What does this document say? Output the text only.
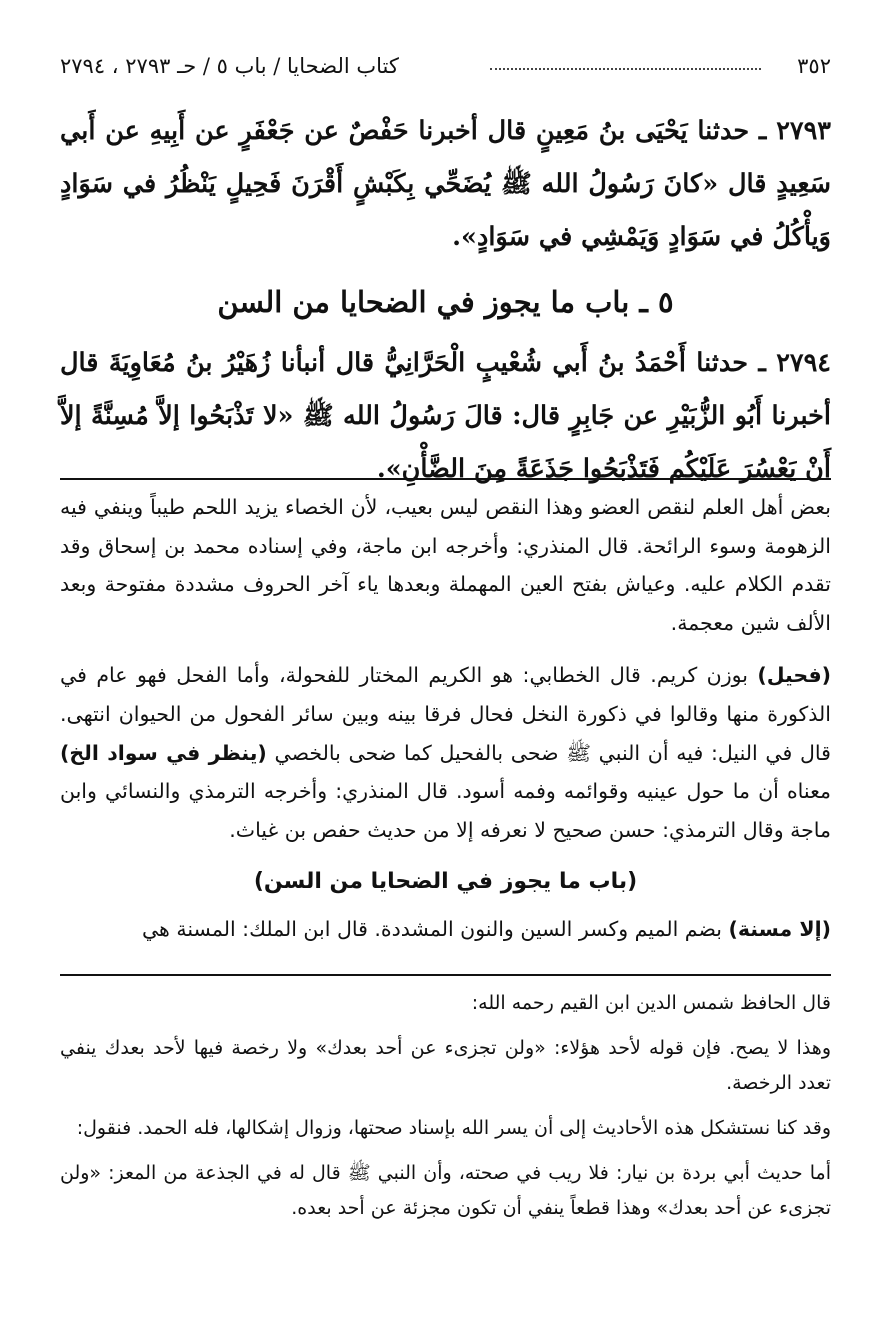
٣٥٢
كتاب الضحايا / باب ٥ / حـ ٢٧٩٣ ، ٢٧٩٤

٢٧٩٣ ـ حدثنا يَحْيَى بنُ مَعِينٍ قال أخبرنا حَفْصٌ عن جَعْفَرٍ عن أَبِيهِ عن أَبي سَعِيدٍ قال «كانَ رَسُولُ الله ﷺ يُضَحِّي بِكَبْشٍ أَقْرَنَ فَحِيلٍ يَنْظُرُ في سَوَادٍ وَيأْكُلُ في سَوَادٍ وَيَمْشِي في سَوَادٍ».

٥ ـ باب ما يجوز في الضحايا من السن

٢٧٩٤ ـ حدثنا أَحْمَدُ بنُ أَبي شُعْيبٍ الْحَرَّانِيُّ قال أنبأنا زُهَيْرُ بنُ مُعَاوِيَةَ قال أخبرنا أَبُو الزُّبَيْرِ عن جَابِرٍ قال: قالَ رَسُولُ الله ﷺ «لا تَذْبَحُوا إلاَّ مُسِنَّةً إلاَّ أَنْ يَعْسُرَ عَلَيْكُم فَتَذْبَحُوا جَذَعَةً مِنَ الضَّأْنِ».

بعض أهل العلم لنقص العضو وهذا النقص ليس بعيب، لأن الخصاء يزيد اللحم طيباً وينفي فيه الزهومة وسوء الرائحة. قال المنذري: وأخرجه ابن ماجة، وفي إسناده محمد بن إسحاق وقد تقدم الكلام عليه. وعياش بفتح العين المهملة وبعدها ياء آخر الحروف مشددة مفتوحة وبعد الألف شين معجمة.

(فحيل) بوزن كريم. قال الخطابي: هو الكريم المختار للفحولة، وأما الفحل فهو عام في الذكورة منها وقالوا في ذكورة النخل فحال فرقا بينه وبين سائر الفحول من الحيوان انتهى. قال في النيل: فيه أن النبي ﷺ ضحى بالفحيل كما ضحى بالخصي (ينظر في سواد الخ) معناه أن ما حول عينيه وقوائمه وفمه أسود. قال المنذري: وأخرجه الترمذي والنسائي وابن ماجة وقال الترمذي: حسن صحيح لا نعرفه إلا من حديث حفص بن غياث.

(باب ما يجوز في الضحايا من السن)

(إلا مسنة) بضم الميم وكسر السين والنون المشددة. قال ابن الملك: المسنة هي

قال الحافظ شمس الدين ابن القيم رحمه الله:

وهذا لا يصح. فإن قوله لأحد هؤلاء: «ولن تجزىء عن أحد بعدك» ولا رخصة فيها لأحد بعدك ينفي تعدد الرخصة.

وقد كنا نستشكل هذه الأحاديث إلى أن يسر الله بإسناد صحتها، وزوال إشكالها، فله الحمد. فنقول:

أما حديث أبي بردة بن نيار: فلا ريب في صحته، وأن النبي ﷺ قال له في الجذعة من المعز: «ولن تجزىء عن أحد بعدك» وهذا قطعاً ينفي أن تكون مجزئة عن أحد بعده.
